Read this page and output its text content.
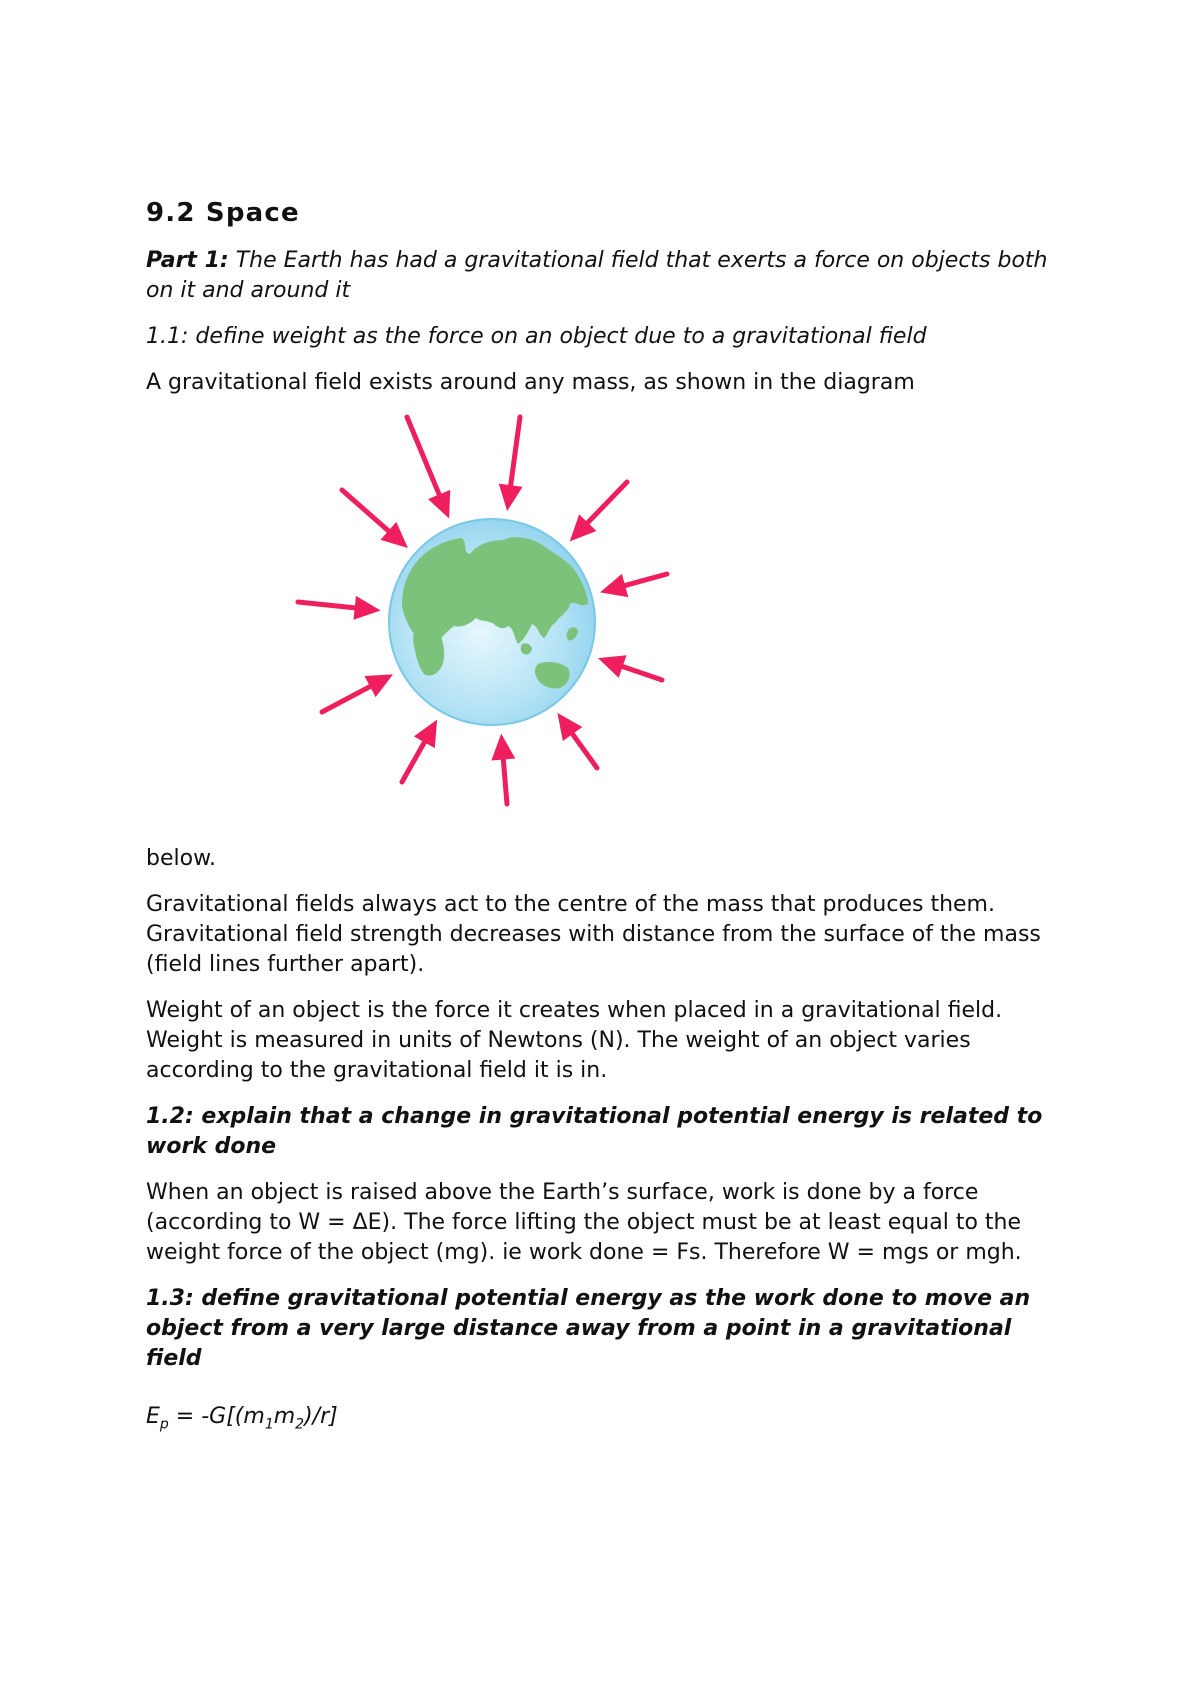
9.2 Space

Part 1: The Earth has had a gravitational field that exerts a force on objects both on it and around it

1.1: define weight as the force on an object due to a gravitational field

A gravitational field exists around any mass, as shown in the diagram

below.

Gravitational fields always act to the centre of the mass that produces them. Gravitational field strength decreases with distance from the surface of the mass (field lines further apart).

Weight of an object is the force it creates when placed in a gravitational field. Weight is measured in units of Newtons (N). The weight of an object varies according to the gravitational field it is in.

1.2: explain that a change in gravitational potential energy is related to work done

When an object is raised above the Earth’s surface, work is done by a force (according to W = ΔE). The force lifting the object must be at least equal to the weight force of the object (mg). ie work done = Fs. Therefore W = mgs or mgh.

1.3: define gravitational potential energy as the work done to move an object from a very large distance away from a point in a gravitational field

$E_p = -G[(m_1m_2)/r]$
